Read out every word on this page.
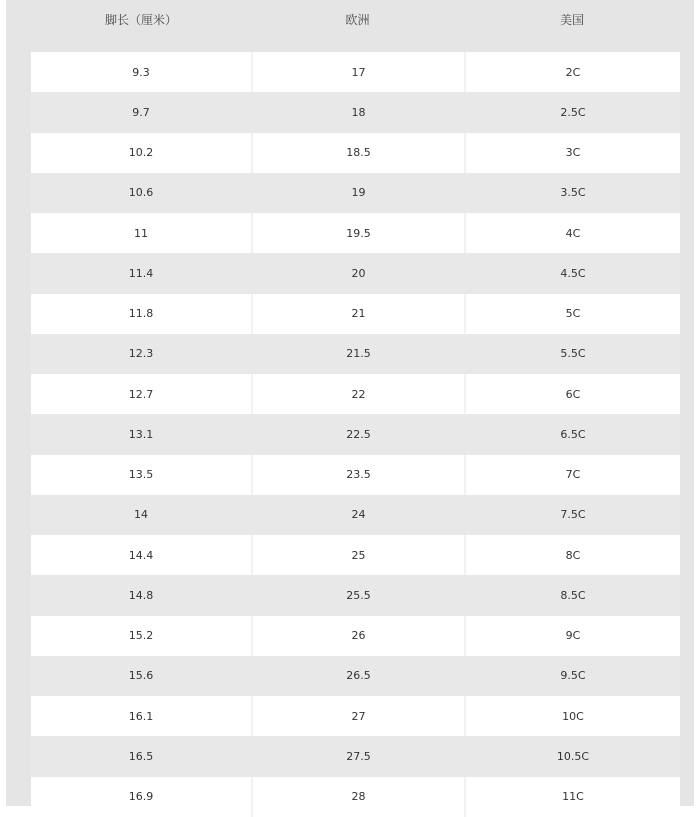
脚长（厘米）	欧洲	美国
9.3	17	2C
9.7	18	2.5C
10.2	18.5	3C
10.6	19	3.5C
11	19.5	4C
11.4	20	4.5C
11.8	21	5C
12.3	21.5	5.5C
12.7	22	6C
13.1	22.5	6.5C
13.5	23.5	7C
14	24	7.5C
14.4	25	8C
14.8	25.5	8.5C
15.2	26	9C
15.6	26.5	9.5C
16.1	27	10C
16.5	27.5	10.5C
16.9	28	11C
